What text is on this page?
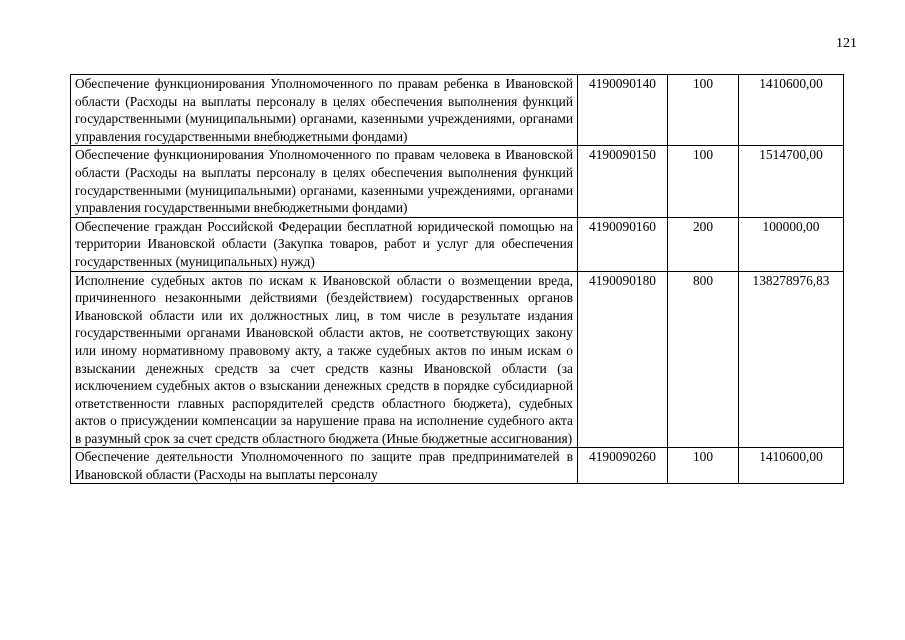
121
Обеспечение функционирования Уполномоченного по правам ребенка в Ивановской области (Расходы на выплаты персоналу в целях обеспечения выполнения функций государственными (муниципальными) органами, казенными учреждениями, органами управления государственными внебюджетными фондами)	4190090140	100	1410600,00
Обеспечение функционирования Уполномоченного по правам человека в Ивановской области (Расходы на выплаты персоналу в целях обеспечения выполнения функций государственными (муниципальными) органами, казенными учреждениями, органами управления государственными внебюджетными фондами)	4190090150	100	1514700,00
Обеспечение граждан Российской Федерации бесплатной юридической помощью на территории Ивановской области (Закупка товаров, работ и услуг для обеспечения государственных (муниципальных) нужд)	4190090160	200	100000,00
Исполнение судебных актов по искам к Ивановской области о возмещении вреда, причиненного незаконными действиями (бездействием) государственных органов Ивановской области или их должностных лиц, в том числе в результате издания государственными органами Ивановской области актов, не соответствующих закону или иному нормативному правовому акту, а также судебных актов по иным искам о взыскании денежных средств за счет средств казны Ивановской области (за исключением судебных актов о взыскании денежных средств в порядке субсидиарной ответственности главных распорядителей средств областного бюджета), судебных актов о присуждении компенсации за нарушение права на исполнение судебного акта в разумный срок за счет средств областного бюджета (Иные бюджетные ассигнования)	4190090180	800	138278976,83

Обеспечение деятельности Уполномоченного по защите прав предпринимателей в Ивановской области (Расходы на выплаты персоналу	4190090260	100	1410600,00
